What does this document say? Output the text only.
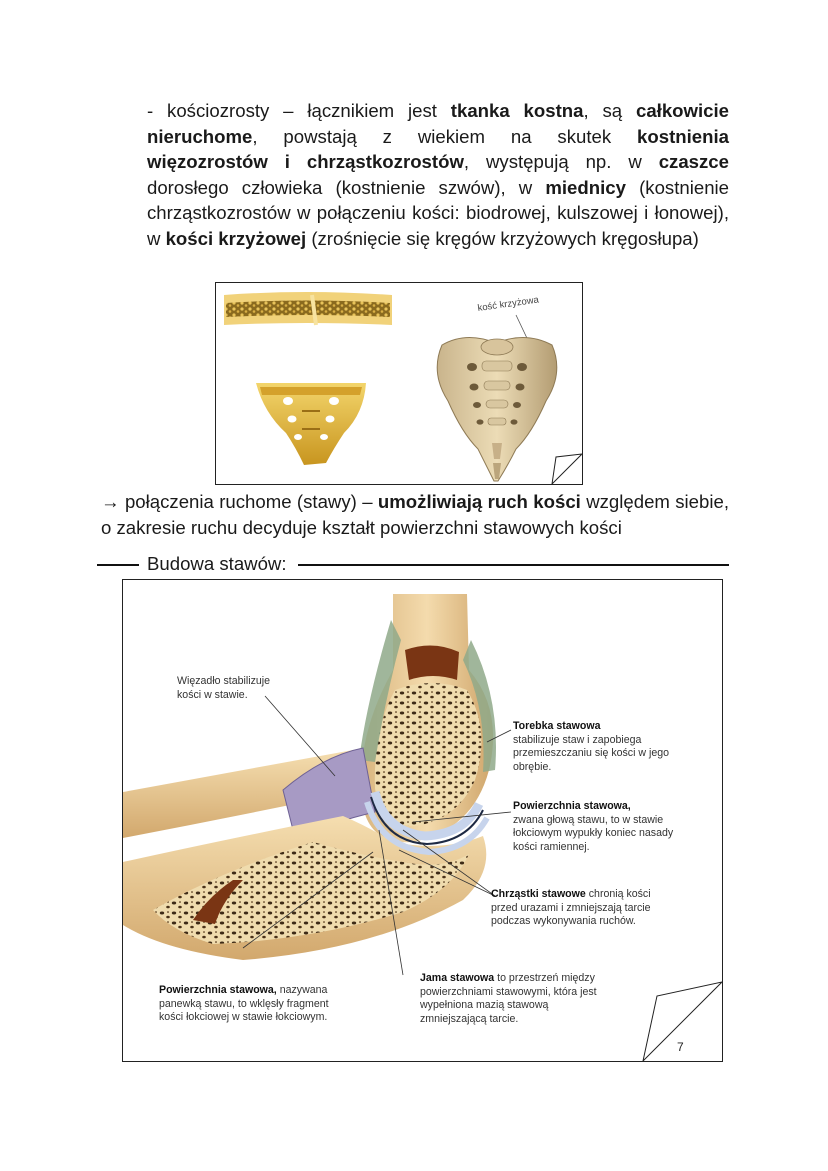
- kościozrosty – łącznikiem jest tkanka kostna, są całkowicie nieruchome, powstają z wiekiem na skutek kostnienia więzozrostów i chrząstkozrostów, występują np. w czaszce dorosłego człowieka (kostnienie szwów), w miednicy (kostnienie chrząstkozrostów w połączeniu kości: biodrowej, kulszowej i łonowej), w kości krzyżowej (zrośnięcie się kręgów krzyżowych kręgosłupa)

kość krzyżowa

→ połączenia ruchome (stawy) – umożliwiają ruch kości względem siebie, o zakresie ruchu decyduje kształt powierzchni stawowych kości

Budowa stawów:

Więzadło stabilizuje kości w stawie.

Torebka stawowa
stabilizuje staw i zapobiega przemieszczaniu się kości w jego obrębie.

Powierzchnia stawowa,
zwana głową stawu, to w stawie łokciowym wypukły koniec nasady kości ramiennej.

Chrząstki stawowe chronią kości przed urazami i zmniejszają tarcie podczas wykonywania ruchów.

Powierzchnia stawowa, nazywana panewką stawu, to wklęsły fragment kości łokciowej w stawie łokciowym.

Jama stawowa to przestrzeń między powierzchniami stawowymi, która jest wypełniona mazią stawową zmniejszającą tarcie.

7
